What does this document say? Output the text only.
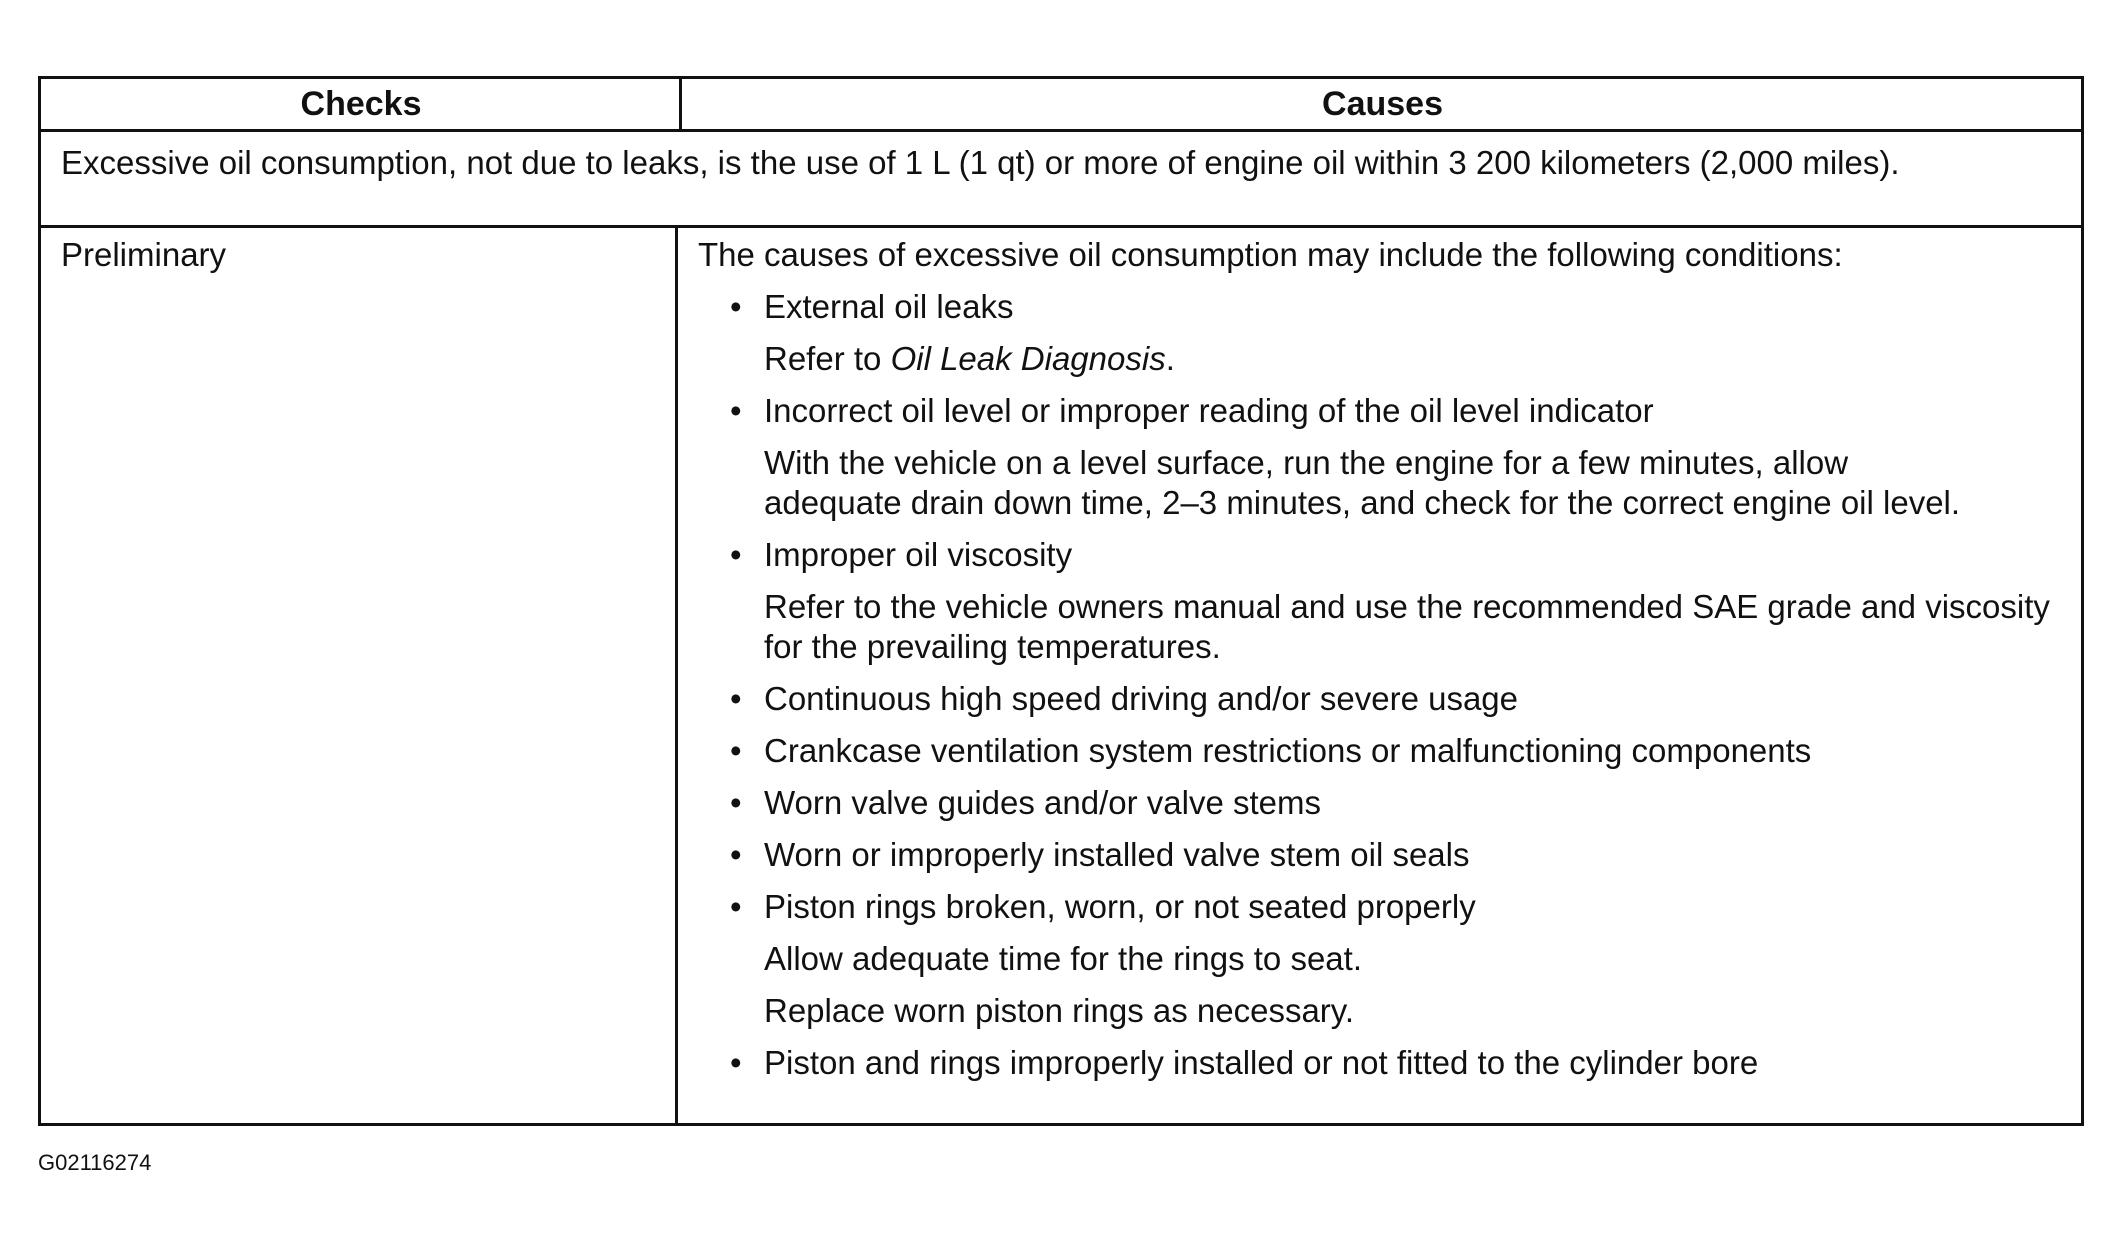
Checks	Causes
Excessive oil consumption, not due to leaks, is the use of 1 L (1 qt) or more of engine oil within 3 200 kilometers (2,000 miles).
Preliminary	The causes of excessive oil consumption may include the following conditions:

• External oil leaks
Refer to Oil Leak Diagnosis.
• Incorrect oil level or improper reading of the oil level indicator
With the vehicle on a level surface, run the engine for a few minutes, allow adequate drain down time, 2–3 minutes, and check for the correct engine oil level.
• Improper oil viscosity
Refer to the vehicle owners manual and use the recommended SAE grade and viscosity for the prevailing temperatures.
• Continuous high speed driving and/or severe usage
• Crankcase ventilation system restrictions or malfunctioning components
• Worn valve guides and/or valve stems
• Worn or improperly installed valve stem oil seals
• Piston rings broken, worn, or not seated properly
Allow adequate time for the rings to seat.
Replace worn piston rings as necessary.
• Piston and rings improperly installed or not fitted to the cylinder bore
G02116274
